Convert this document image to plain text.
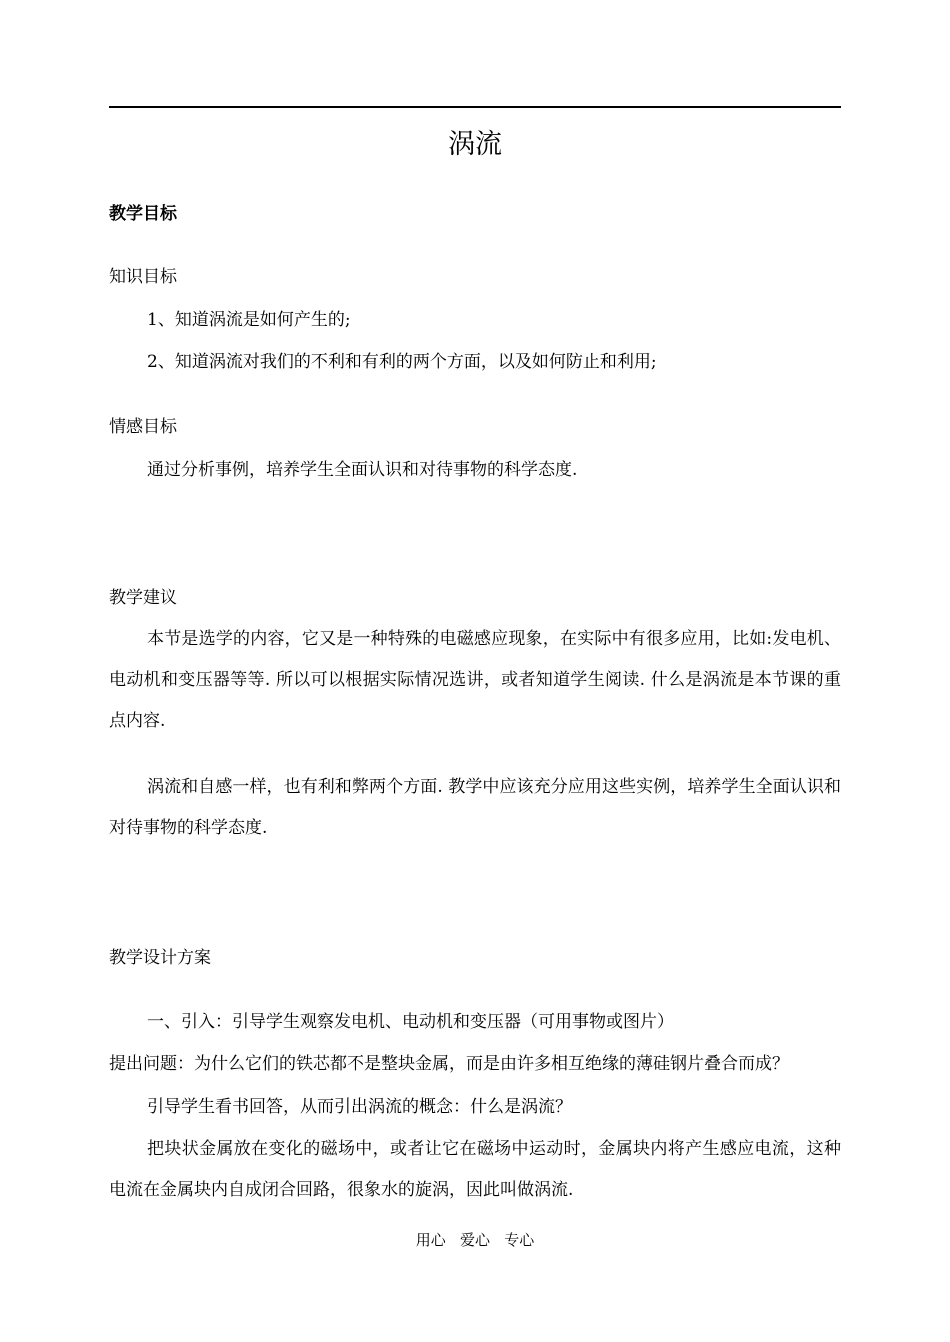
涡流
教学目标
知识目标
1、知道涡流是如何产生的;
2、知道涡流对我们的不利和有利的两个方面，以及如何防止和利用;
情感目标
通过分析事例，培养学生全面认识和对待事物的科学态度.
教学建议
本节是选学的内容，它又是一种特殊的电磁感应现象，在实际中有很多应用，比如:发电机、电动机和变压器等等. 所以可以根据实际情况选讲，或者知道学生阅读. 什么是涡流是本节课的重点内容.
涡流和自感一样，也有利和弊两个方面. 教学中应该充分应用这些实例，培养学生全面认识和对待事物的科学态度.
教学设计方案
一、引入：引导学生观察发电机、电动机和变压器（可用事物或图片）
提出问题：为什么它们的铁芯都不是整块金属，而是由许多相互绝缘的薄硅钢片叠合而成？
引导学生看书回答，从而引出涡流的概念：什么是涡流？
把块状金属放在变化的磁场中，或者让它在磁场中运动时，金属块内将产生感应电流，这种电流在金属块内自成闭合回路，很象水的旋涡，因此叫做涡流.
用心   爱心   专心
